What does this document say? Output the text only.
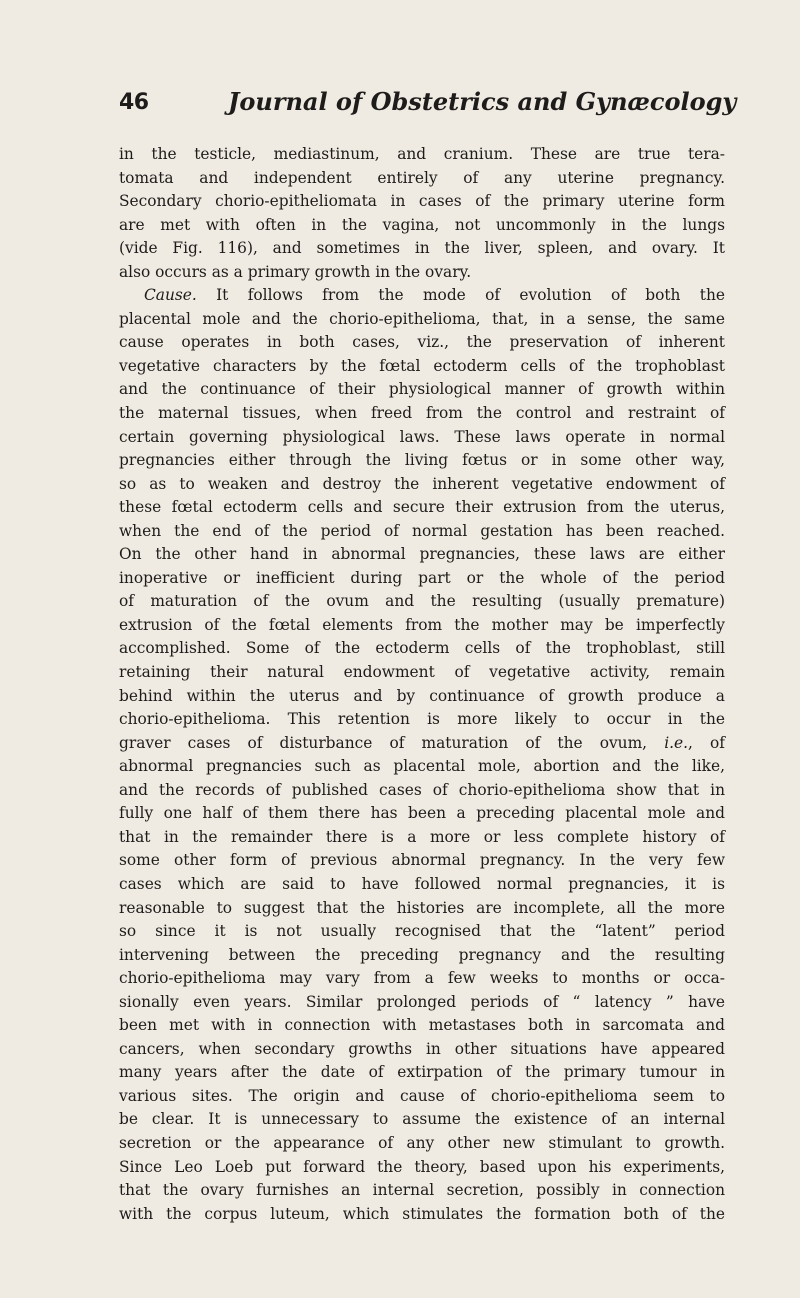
46	Journal of Obstetrics and Gynæcology
in the testicle, mediastinum, and cranium. These are true tera-
tomata and independent entirely of any uterine pregnancy.
Secondary chorio-epitheliomata in cases of the primary uterine form
are met with often in the vagina, not uncommonly in the lungs
(vide Fig. 116), and sometimes in the liver, spleen, and ovary. It
also occurs as a primary growth in the ovary.
Cause. It follows from the mode of evolution of both the
placental mole and the chorio-epithelioma, that, in a sense, the same
cause operates in both cases, viz., the preservation of inherent
vegetative characters by the fœtal ectoderm cells of the trophoblast
and the continuance of their physiological manner of growth within
the maternal tissues, when freed from the control and restraint of
certain governing physiological laws. These laws operate in normal
pregnancies either through the living fœtus or in some other way,
so as to weaken and destroy the inherent vegetative endowment of
these fœtal ectoderm cells and secure their extrusion from the uterus,
when the end of the period of normal gestation has been reached.
On the other hand in abnormal pregnancies, these laws are either
inoperative or inefficient during part or the whole of the period
of maturation of the ovum and the resulting (usually premature)
extrusion of the fœtal elements from the mother may be imperfectly
accomplished. Some of the ectoderm cells of the trophoblast, still
retaining their natural endowment of vegetative activity, remain
behind within the uterus and by continuance of growth produce a
chorio-epithelioma. This retention is more likely to occur in the
graver cases of disturbance of maturation of the ovum, i.e., of
abnormal pregnancies such as placental mole, abortion and the like,
and the records of published cases of chorio-epithelioma show that in
fully one half of them there has been a preceding placental mole and
that in the remainder there is a more or less complete history of
some other form of previous abnormal pregnancy. In the very few
cases which are said to have followed normal pregnancies, it is
reasonable to suggest that the histories are incomplete, all the more
so since it is not usually recognised that the “latent” period
intervening between the preceding pregnancy and the resulting
chorio-epithelioma may vary from a few weeks to months or occa-
sionally even years. Similar prolonged periods of “ latency ” have
been met with in connection with metastases both in sarcomata and
cancers, when secondary growths in other situations have appeared
many years after the date of extirpation of the primary tumour in
various sites. The origin and cause of chorio-epithelioma seem to
be clear. It is unnecessary to assume the existence of an internal
secretion or the appearance of any other new stimulant to growth.
Since Leo Loeb put forward the theory, based upon his experiments,
that the ovary furnishes an internal secretion, possibly in connection
with the corpus luteum, which stimulates the formation both of the
